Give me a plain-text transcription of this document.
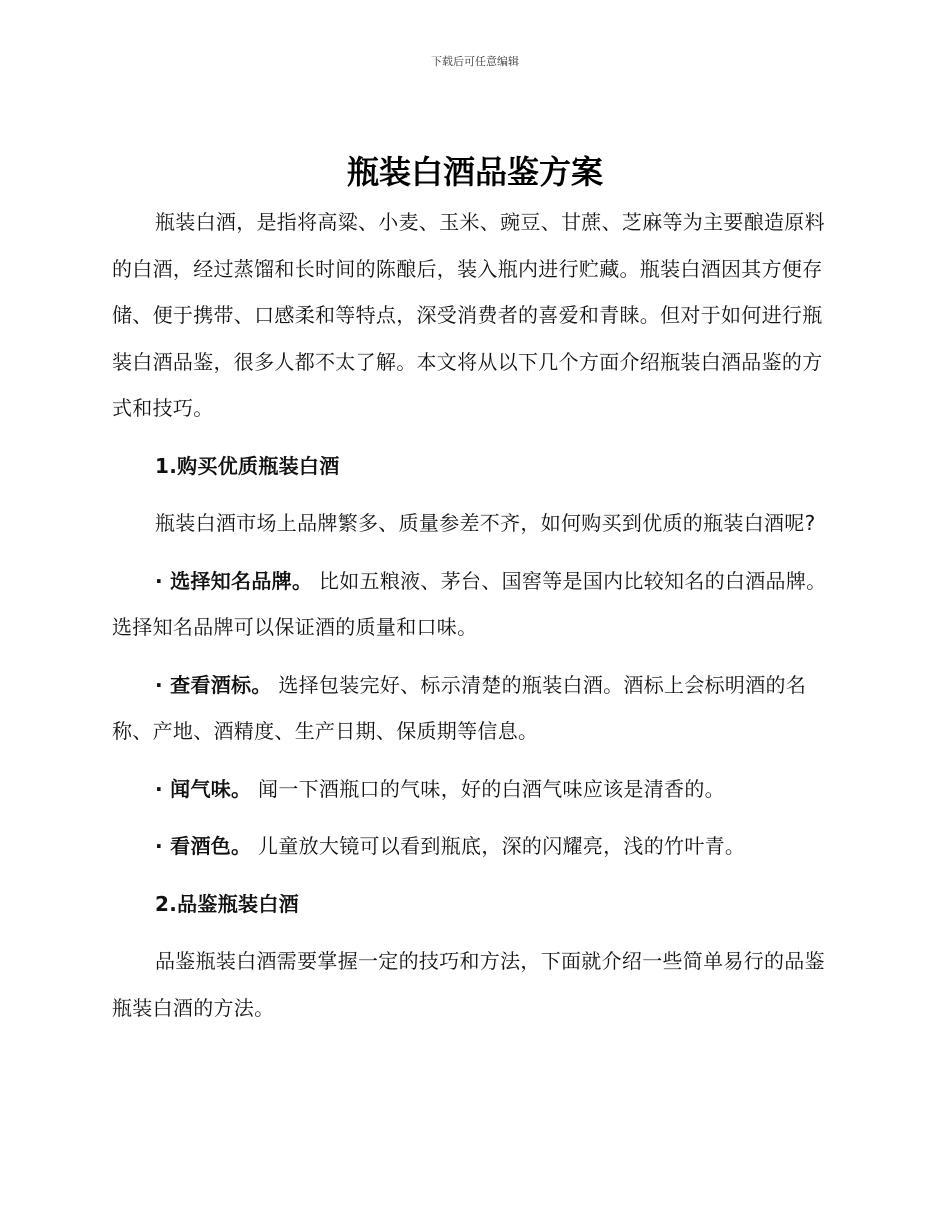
下载后可任意编辑
瓶装白酒品鉴方案

瓶装白酒，是指将高粱、小麦、玉米、豌豆、甘蔗、芝麻等为主要酿造原料的白酒，经过蒸馏和长时间的陈酿后，装入瓶内进行贮藏。瓶装白酒因其方便存储、便于携带、口感柔和等特点，深受消费者的喜爱和青睐。但对于如何进行瓶装白酒品鉴，很多人都不太了解。本文将从以下几个方面介绍瓶装白酒品鉴的方式和技巧。

1.购买优质瓶装白酒

瓶装白酒市场上品牌繁多、质量参差不齐，如何购买到优质的瓶装白酒呢?

· 选择知名品牌。 比如五粮液、茅台、国窖等是国内比较知名的白酒品牌。选择知名品牌可以保证酒的质量和口味。

· 查看酒标。 选择包装完好、标示清楚的瓶装白酒。酒标上会标明酒的名称、产地、酒精度、生产日期、保质期等信息。

· 闻气味。 闻一下酒瓶口的气味，好的白酒气味应该是清香的。

· 看酒色。 儿童放大镜可以看到瓶底，深的闪耀亮，浅的竹叶青。

2.品鉴瓶装白酒

品鉴瓶装白酒需要掌握一定的技巧和方法，下面就介绍一些简单易行的品鉴瓶装白酒的方法。
